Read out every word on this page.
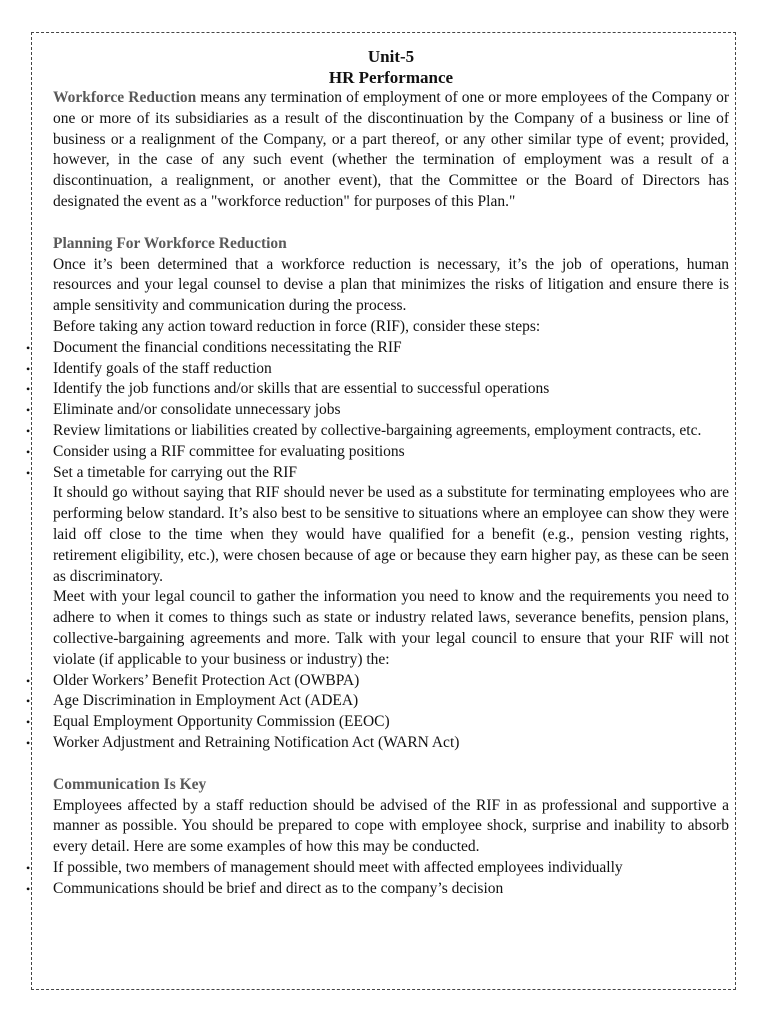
Unit-5
HR Performance

Workforce Reduction means any termination of employment of one or more employees of the Company or one or more of its subsidiaries as a result of the discontinuation by the Company of a business or line of business or a realignment of the Company, or a part thereof, or any other similar type of event; provided, however, in the case of any such event (whether the termination of employment was a result of a discontinuation, a realignment, or another event), that the Committee or the Board of Directors has designated the event as a "workforce reduction" for purposes of this Plan."

Planning For Workforce Reduction

Once it’s been determined that a workforce reduction is necessary, it’s the job of operations, human resources and your legal counsel to devise a plan that minimizes the risks of litigation and ensure there is ample sensitivity and communication during the process.

Before taking any action toward reduction in force (RIF), consider these steps:

• Document the financial conditions necessitating the RIF
• Identify goals of the staff reduction
• Identify the job functions and/or skills that are essential to successful operations
• Eliminate and/or consolidate unnecessary jobs
• Review limitations or liabilities created by collective-bargaining agreements, employment contracts, etc.
• Consider using a RIF committee for evaluating positions
• Set a timetable for carrying out the RIF

It should go without saying that RIF should never be used as a substitute for terminating employees who are performing below standard. It’s also best to be sensitive to situations where an employee can show they were laid off close to the time when they would have qualified for a benefit (e.g., pension vesting rights, retirement eligibility, etc.), were chosen because of age or because they earn higher pay, as these can be seen as discriminatory.

Meet with your legal council to gather the information you need to know and the requirements you need to adhere to when it comes to things such as state or industry related laws, severance benefits, pension plans, collective-bargaining agreements and more. Talk with your legal council to ensure that your RIF will not violate (if applicable to your business or industry) the:

• Older Workers’ Benefit Protection Act (OWBPA)
• Age Discrimination in Employment Act (ADEA)
• Equal Employment Opportunity Commission (EEOC)
• Worker Adjustment and Retraining Notification Act (WARN Act)
Communication Is Key

Employees affected by a staff reduction should be advised of the RIF in as professional and supportive a manner as possible. You should be prepared to cope with employee shock, surprise and inability to absorb every detail. Here are some examples of how this may be conducted.

• If possible, two members of management should meet with affected employees individually
• Communications should be brief and direct as to the company’s decision
